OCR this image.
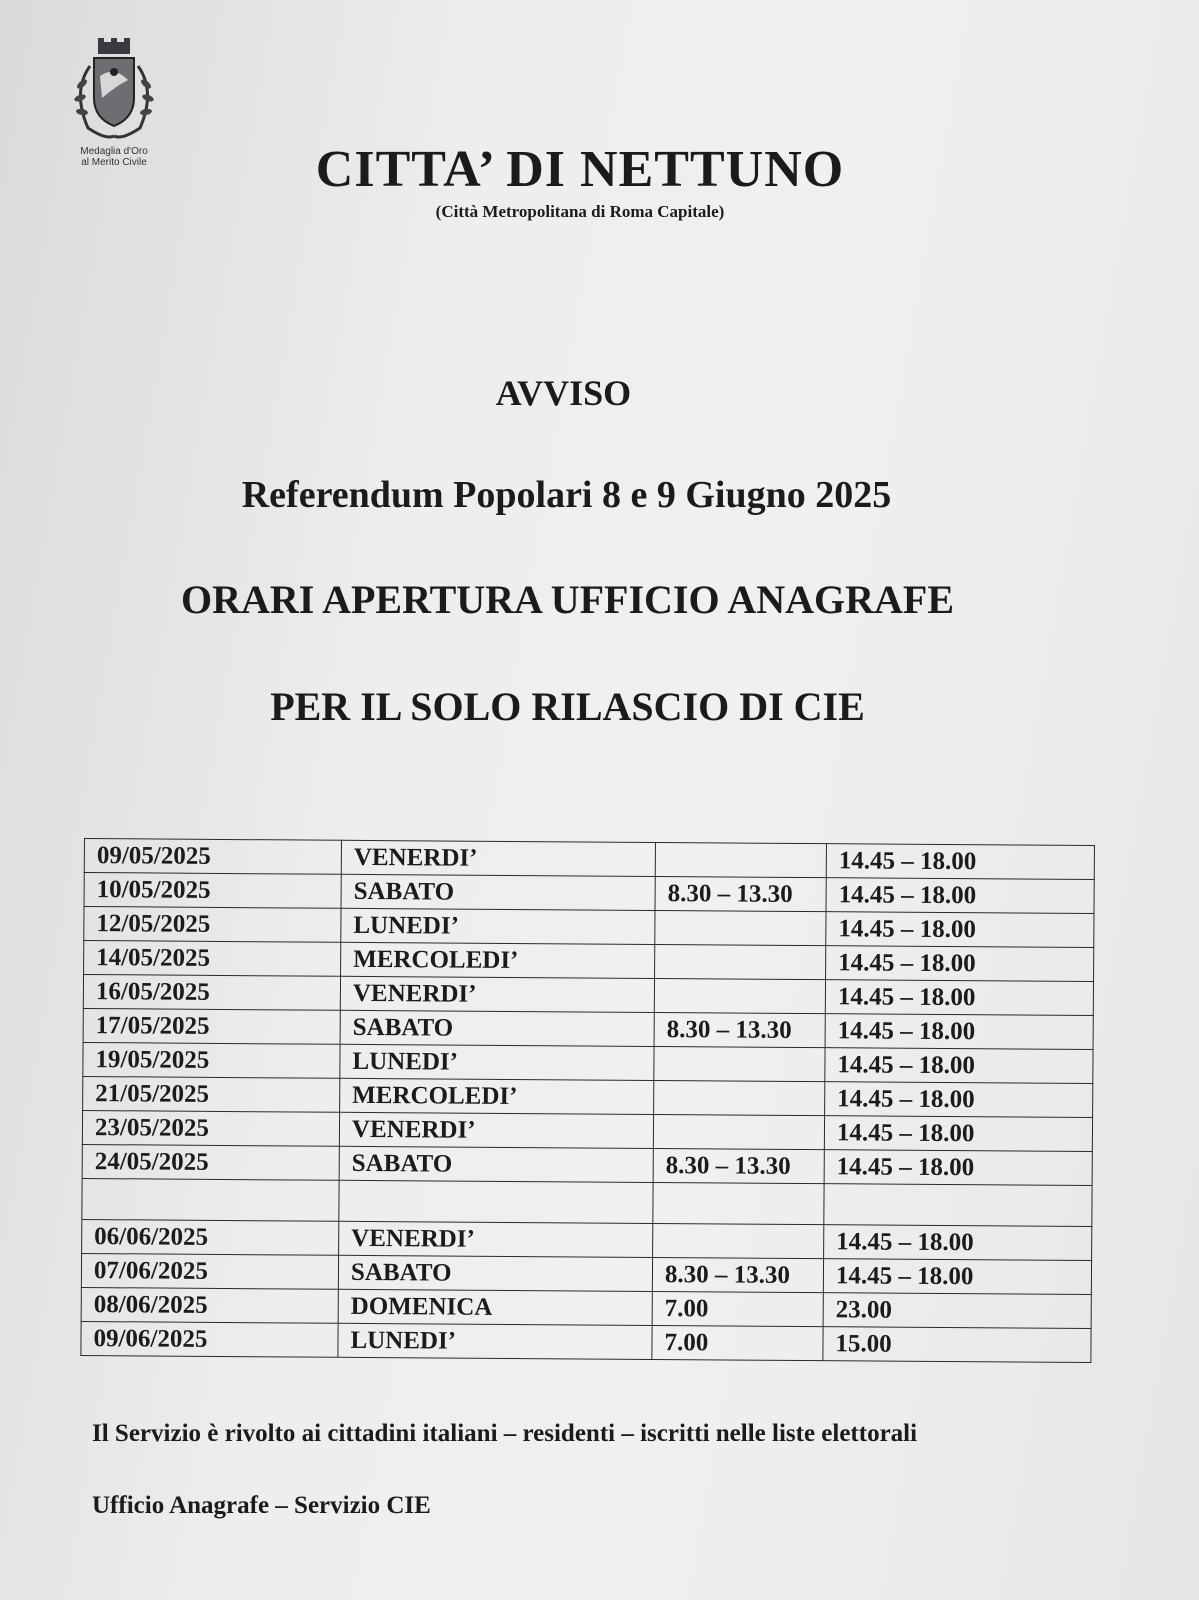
Medaglia d'Oro
al Merito Civile	CITTA’ DI NETTUNO
(Città Metropolitana di Roma Capitale)
AVVISO
Referendum Popolari 8 e 9 Giugno 2025
ORARI APERTURA UFFICIO ANAGRAFE
PER IL SOLO RILASCIO DI CIE
09/05/2025	VENERDI’		14.45 – 18.00
10/05/2025	SABATO	8.30 – 13.30	14.45 – 18.00
12/05/2025	LUNEDI’		14.45 – 18.00
14/05/2025	MERCOLEDI’		14.45 – 18.00
16/05/2025	VENERDI’		14.45 – 18.00
17/05/2025	SABATO	8.30 – 13.30	14.45 – 18.00
19/05/2025	LUNEDI’		14.45 – 18.00
21/05/2025	MERCOLEDI’		14.45 – 18.00
23/05/2025	VENERDI’		14.45 – 18.00
24/05/2025	SABATO	8.30 – 13.30	14.45 – 18.00

06/06/2025	VENERDI’		14.45 – 18.00
07/06/2025	SABATO	8.30 – 13.30	14.45 – 18.00
08/06/2025	DOMENICA	7.00	23.00
09/06/2025	LUNEDI’	7.00	15.00
Il Servizio è rivolto ai cittadini italiani – residenti – iscritti nelle liste elettorali
Ufficio Anagrafe – Servizio CIE
